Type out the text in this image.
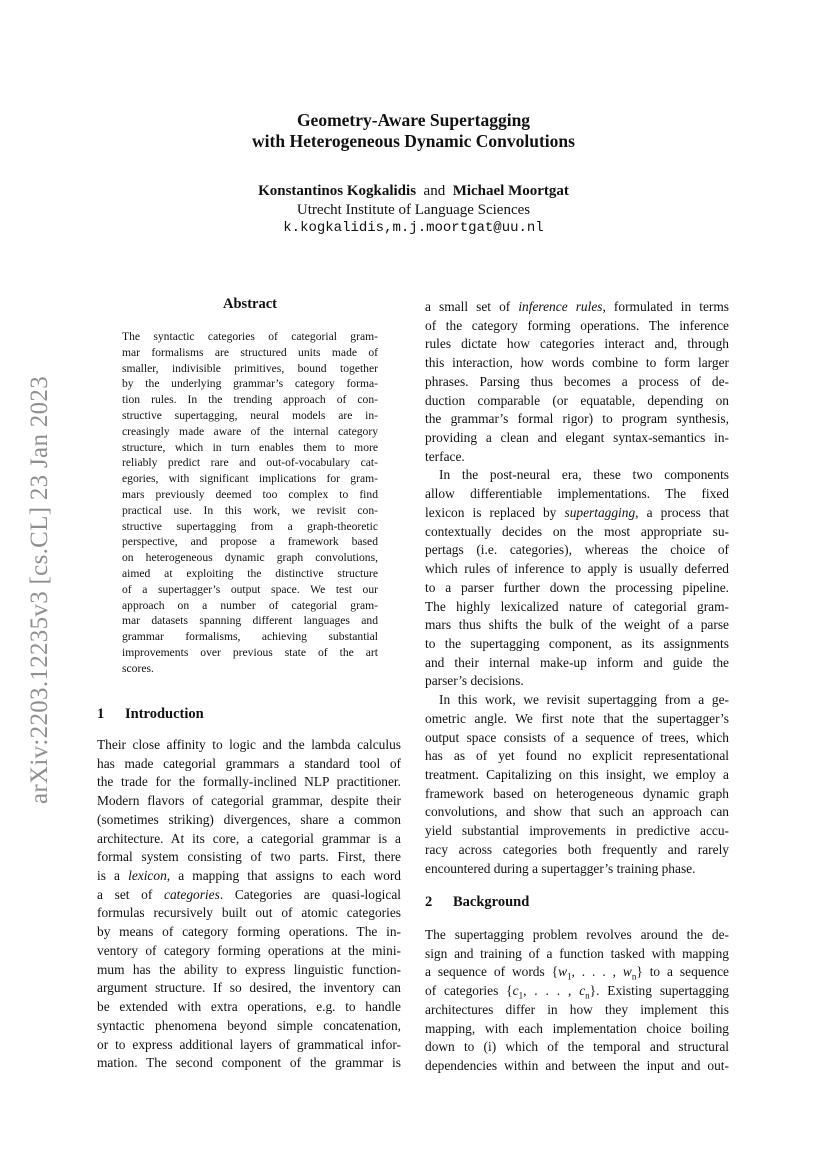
arXiv:2203.12235v3 [cs.CL] 23 Jan 2023
Geometry-Aware Supertagging
with Heterogeneous Dynamic Convolutions
Konstantinos Kogkalidis and Michael Moortgat
Utrecht Institute of Language Sciences
k.kogkalidis,m.j.moortgat@uu.nl
Abstract
The syntactic categories of categorial gram-
mar formalisms are structured units made of
smaller, indivisible primitives, bound together
by the underlying grammar’s category forma-
tion rules. In the trending approach of con-
structive supertagging, neural models are in-
creasingly made aware of the internal category
structure, which in turn enables them to more
reliably predict rare and out-of-vocabulary cat-
egories, with significant implications for gram-
mars previously deemed too complex to find
practical use. In this work, we revisit con-
structive supertagging from a graph-theoretic
perspective, and propose a framework based
on heterogeneous dynamic graph convolutions,
aimed at exploiting the distinctive structure
of a supertagger’s output space. We test our
approach on a number of categorial gram-
mar datasets spanning different languages and
grammar formalisms, achieving substantial
improvements over previous state of the art
scores.
1 Introduction
Their close affinity to logic and the lambda calculus
has made categorial grammars a standard tool of
the trade for the formally-inclined NLP practitioner.
Modern flavors of categorial grammar, despite their
(sometimes striking) divergences, share a common
architecture. At its core, a categorial grammar is a
formal system consisting of two parts. First, there
is a lexicon, a mapping that assigns to each word
a set of categories. Categories are quasi-logical
formulas recursively built out of atomic categories
by means of category forming operations. The in-
ventory of category forming operations at the mini-
mum has the ability to express linguistic function-
argument structure. If so desired, the inventory can
be extended with extra operations, e.g. to handle
syntactic phenomena beyond simple concatenation,
or to express additional layers of grammatical infor-
mation. The second component of the grammar is
a small set of inference rules, formulated in terms
of the category forming operations. The inference
rules dictate how categories interact and, through
this interaction, how words combine to form larger
phrases. Parsing thus becomes a process of de-
duction comparable (or equatable, depending on
the grammar’s formal rigor) to program synthesis,
providing a clean and elegant syntax-semantics in-
terface.
In the post-neural era, these two components
allow differentiable implementations. The fixed
lexicon is replaced by supertagging, a process that
contextually decides on the most appropriate su-
pertags (i.e. categories), whereas the choice of
which rules of inference to apply is usually deferred
to a parser further down the processing pipeline.
The highly lexicalized nature of categorial gram-
mars thus shifts the bulk of the weight of a parse
to the supertagging component, as its assignments
and their internal make-up inform and guide the
parser’s decisions.
In this work, we revisit supertagging from a ge-
ometric angle. We first note that the supertagger’s
output space consists of a sequence of trees, which
has as of yet found no explicit representational
treatment. Capitalizing on this insight, we employ a
framework based on heterogeneous dynamic graph
convolutions, and show that such an approach can
yield substantial improvements in predictive accu-
racy across categories both frequently and rarely
encountered during a supertagger’s training phase.
2 Background
The supertagging problem revolves around the de-
sign and training of a function tasked with mapping
a sequence of words {$w_1$, . . . , $w_n$} to a sequence
of categories {$c_1$, . . . , $c_n$}. Existing supertagging
architectures differ in how they implement this
mapping, with each implementation choice boiling
down to (i) which of the temporal and structural
dependencies within and between the input and out-
